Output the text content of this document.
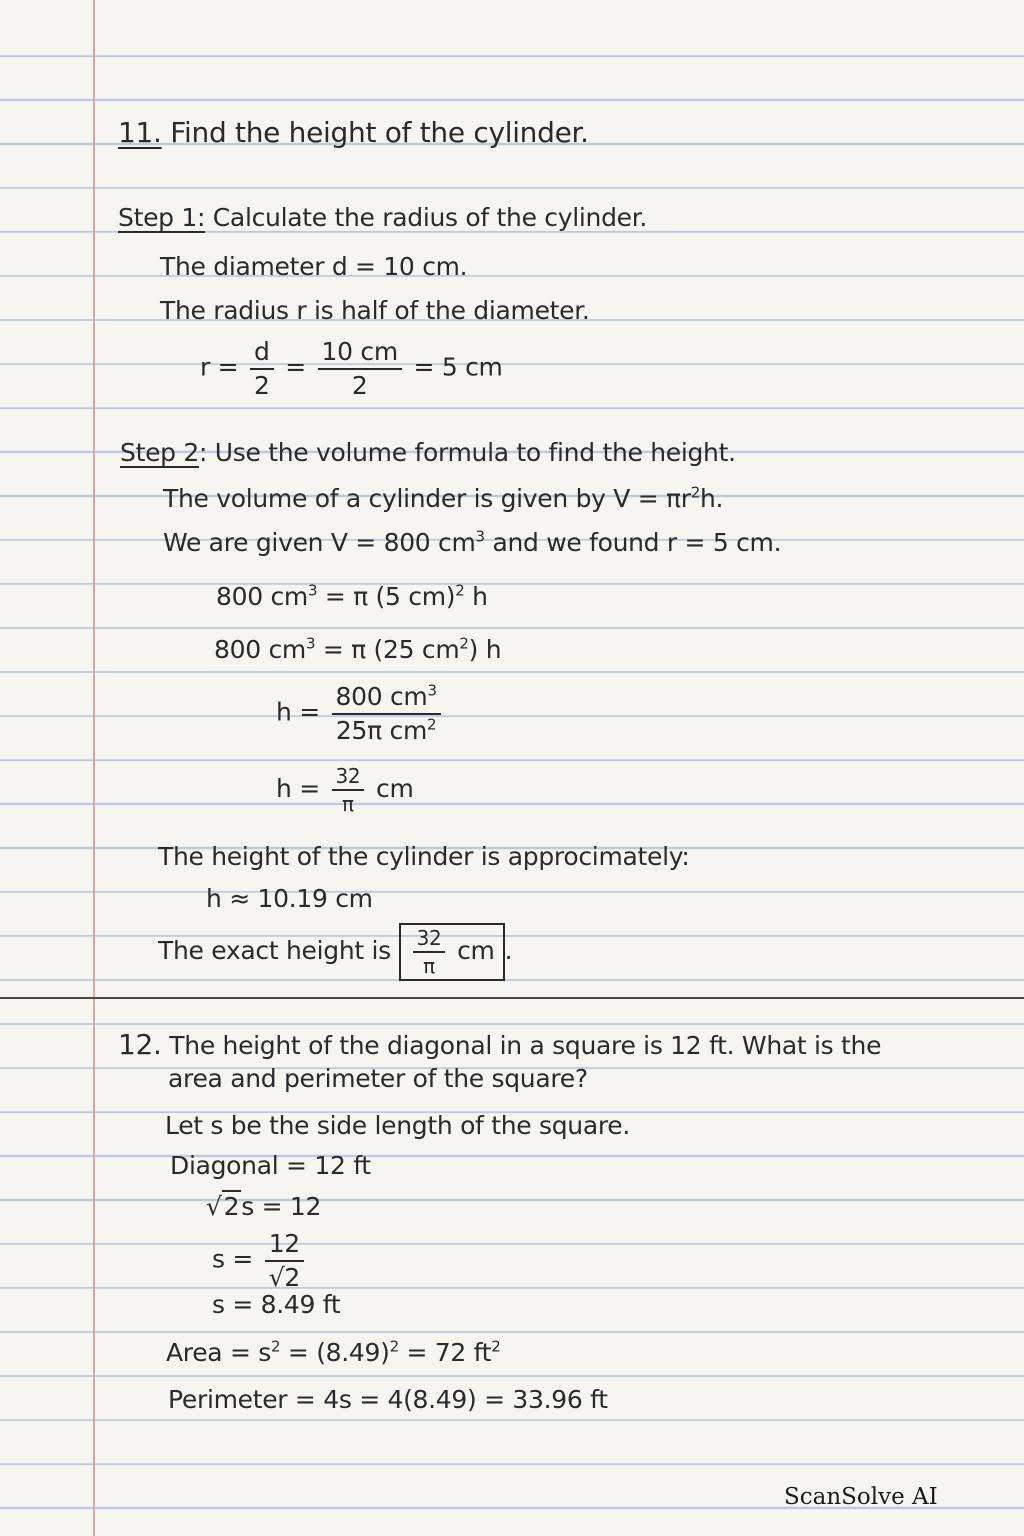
11. Find the height of the cylinder.
Step 1: Calculate the radius of the cylinder.
The diameter d = 10 cm.
The radius r is half of the diameter.
$r = \frac{d}{2} = \frac{10 cm}{2} = 5$ cm
Step 2: Use the volume formula to find the height.
The volume of a cylinder is given by $V = \pi r^2h$.
We are given V = 800 $cm^3$ and we found r = 5 cm.
800 $cm^3 = \pi$ (5 cm)$^2$ h
800 $cm^3 = \pi$ (25 $cm^2$) h
$h = \frac{800 cm^3}{25\pi cm^2}$
$h = \frac{32}{\pi}$ cm
The height of the cylinder is approcimately:
h ≈ 10.19 cm
The exact height is $\frac{32}{\pi}$ cm .
12. The height of the diagonal in a square is 12 ft. What is the
area and perimeter of the square?
Let s be the side length of the square.
Diagonal = 12 ft
√2s = 12
$s = \frac{12}{√2}$
s = 8.49 ft
Area = $s^2 = (8.49)^2 = 72$ $ft^2$
Perimeter = 4s = 4(8.49) = 33.96 ft
ScanSolve AI
